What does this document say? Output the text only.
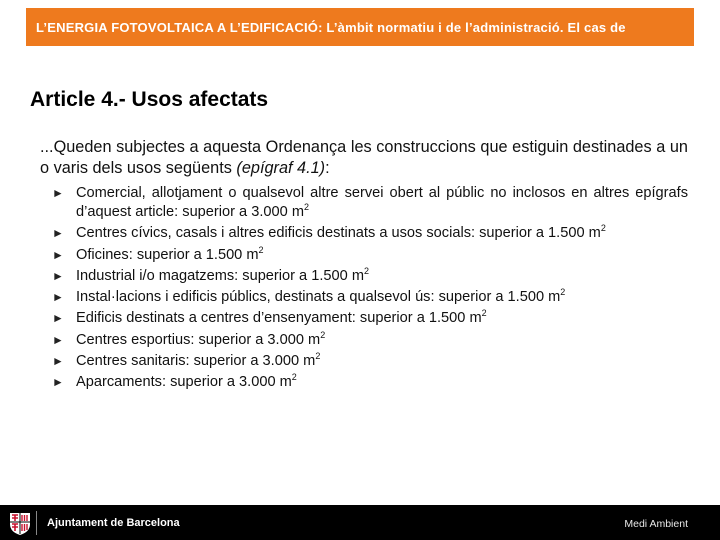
L’ENERGIA FOTOVOLTAICA A L’EDIFICACIÓ: L’àmbit normatiu i de l’administració. El cas de
Article 4.- Usos afectats
...Queden subjectes a aquesta Ordenança les construccions que estiguin destinades a un o varis dels usos següents (epígraf 4.1):
► Comercial, allotjament o qualsevol altre servei obert al públic no inclosos en altres epígrafs d’aquest article: superior a 3.000 $m^2$
► Centres cívics, casals i altres edificis destinats a usos socials: superior a 1.500 $m^2$
► Oficines: superior a 1.500 $m^2$
► Industrial i/o magatzems: superior a 1.500 $m^2$
► Instal·lacions i edificis públics, destinats a qualsevol ús: superior a 1.500 $m^2$
► Edificis destinats a centres d’ensenyament: superior a 1.500 $m^2$
► Centres esportius: superior a 3.000 $m^2$
► Centres sanitaris: superior a 3.000 $m^2$
► Aparcaments: superior a 3.000 $m^2$
Ajuntament de Barcelona	Medi Ambient
